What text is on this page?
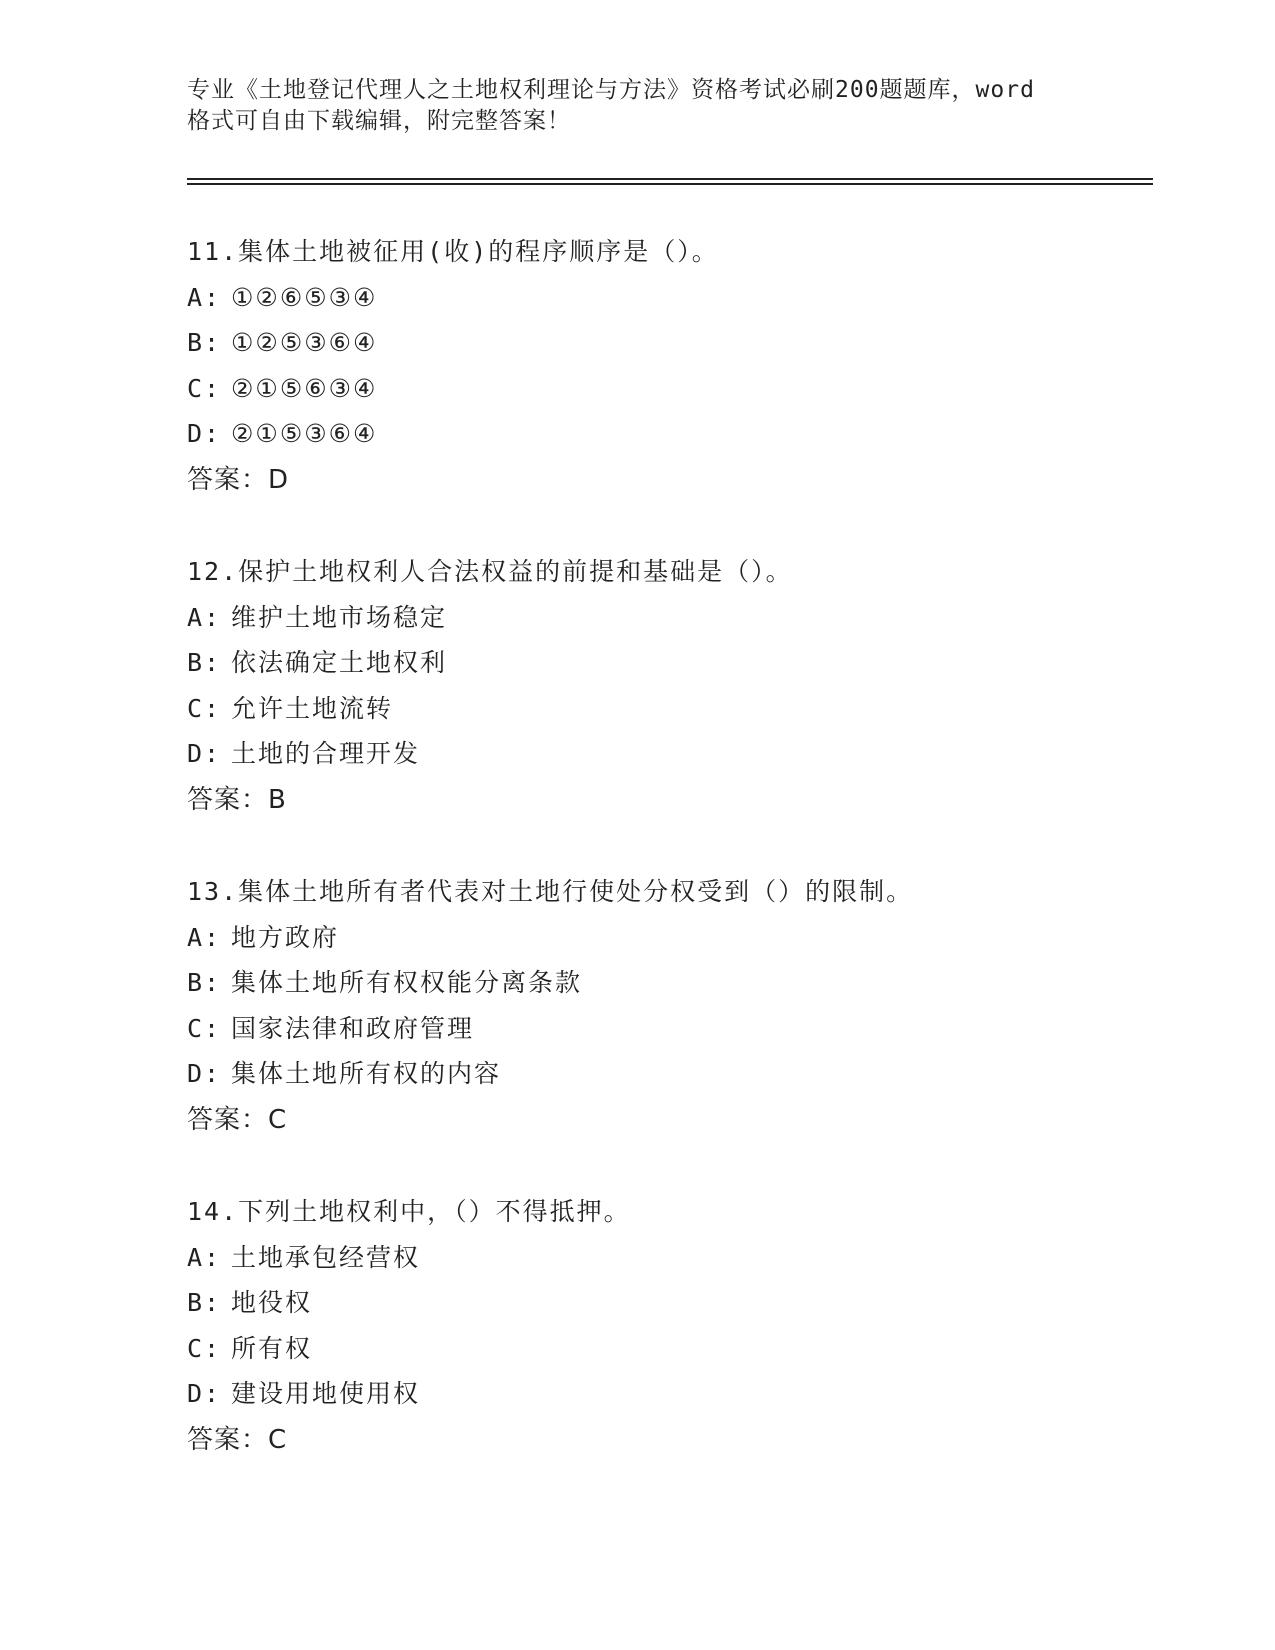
专业《土地登记代理人之土地权利理论与方法》资格考试必刷200题题库，word
格式可自由下载编辑，附完整答案！
11.集体土地被征用(收)的程序顺序是（）。
A: ①②⑥⑤③④
B: ①②⑤③⑥④
C: ②①⑤⑥③④
D: ②①⑤③⑥④
答案：D
12.保护土地权利人合法权益的前提和基础是（）。
A: 维护土地市场稳定
B: 依法确定土地权利
C: 允许土地流转
D: 土地的合理开发
答案：B
13.集体土地所有者代表对土地行使处分权受到（）的限制。
A: 地方政府
B: 集体土地所有权权能分离条款
C: 国家法律和政府管理
D: 集体土地所有权的内容
答案：C
14.下列土地权利中，（）不得抵押。
A: 土地承包经营权
B: 地役权
C: 所有权
D: 建设用地使用权
答案：C
